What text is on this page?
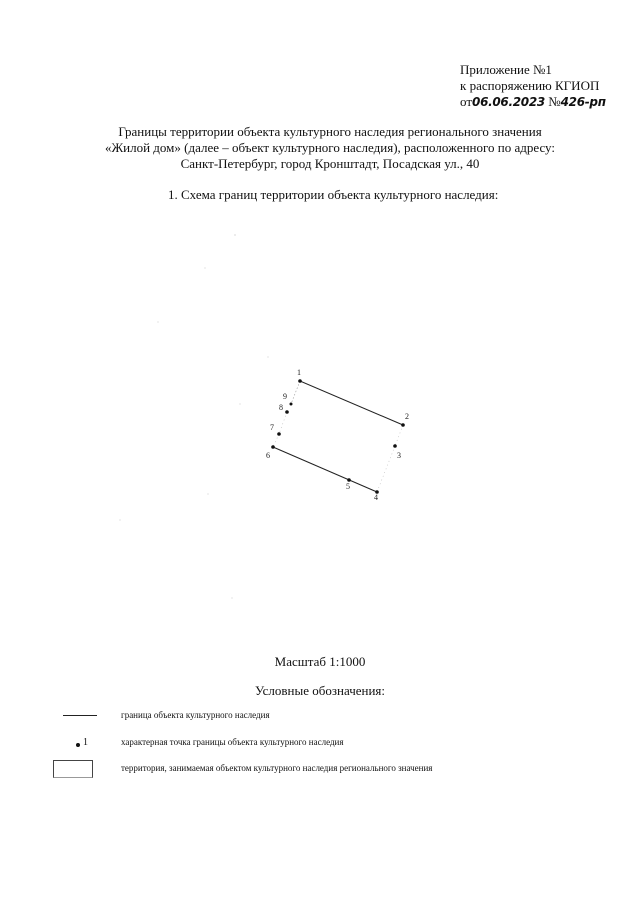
Приложение №1
к распоряжению КГИОП
от06.06.2023 №426-рп
Границы территории объекта культурного наследия регионального значения
«Жилой дом» (далее – объект культурного наследия), расположенного по адресу:
Санкт-Петербург, город Кронштадт, Посадская ул., 40
1. Схема границ территории объекта культурного наследия:
1
2
3
4
5
6
7
8
9
Масштаб 1:1000
Условные обозначения:
граница объекта культурного наследия
1	характерная точка границы объекта культурного наследия
территория, занимаемая объектом культурного наследия регионального значения
